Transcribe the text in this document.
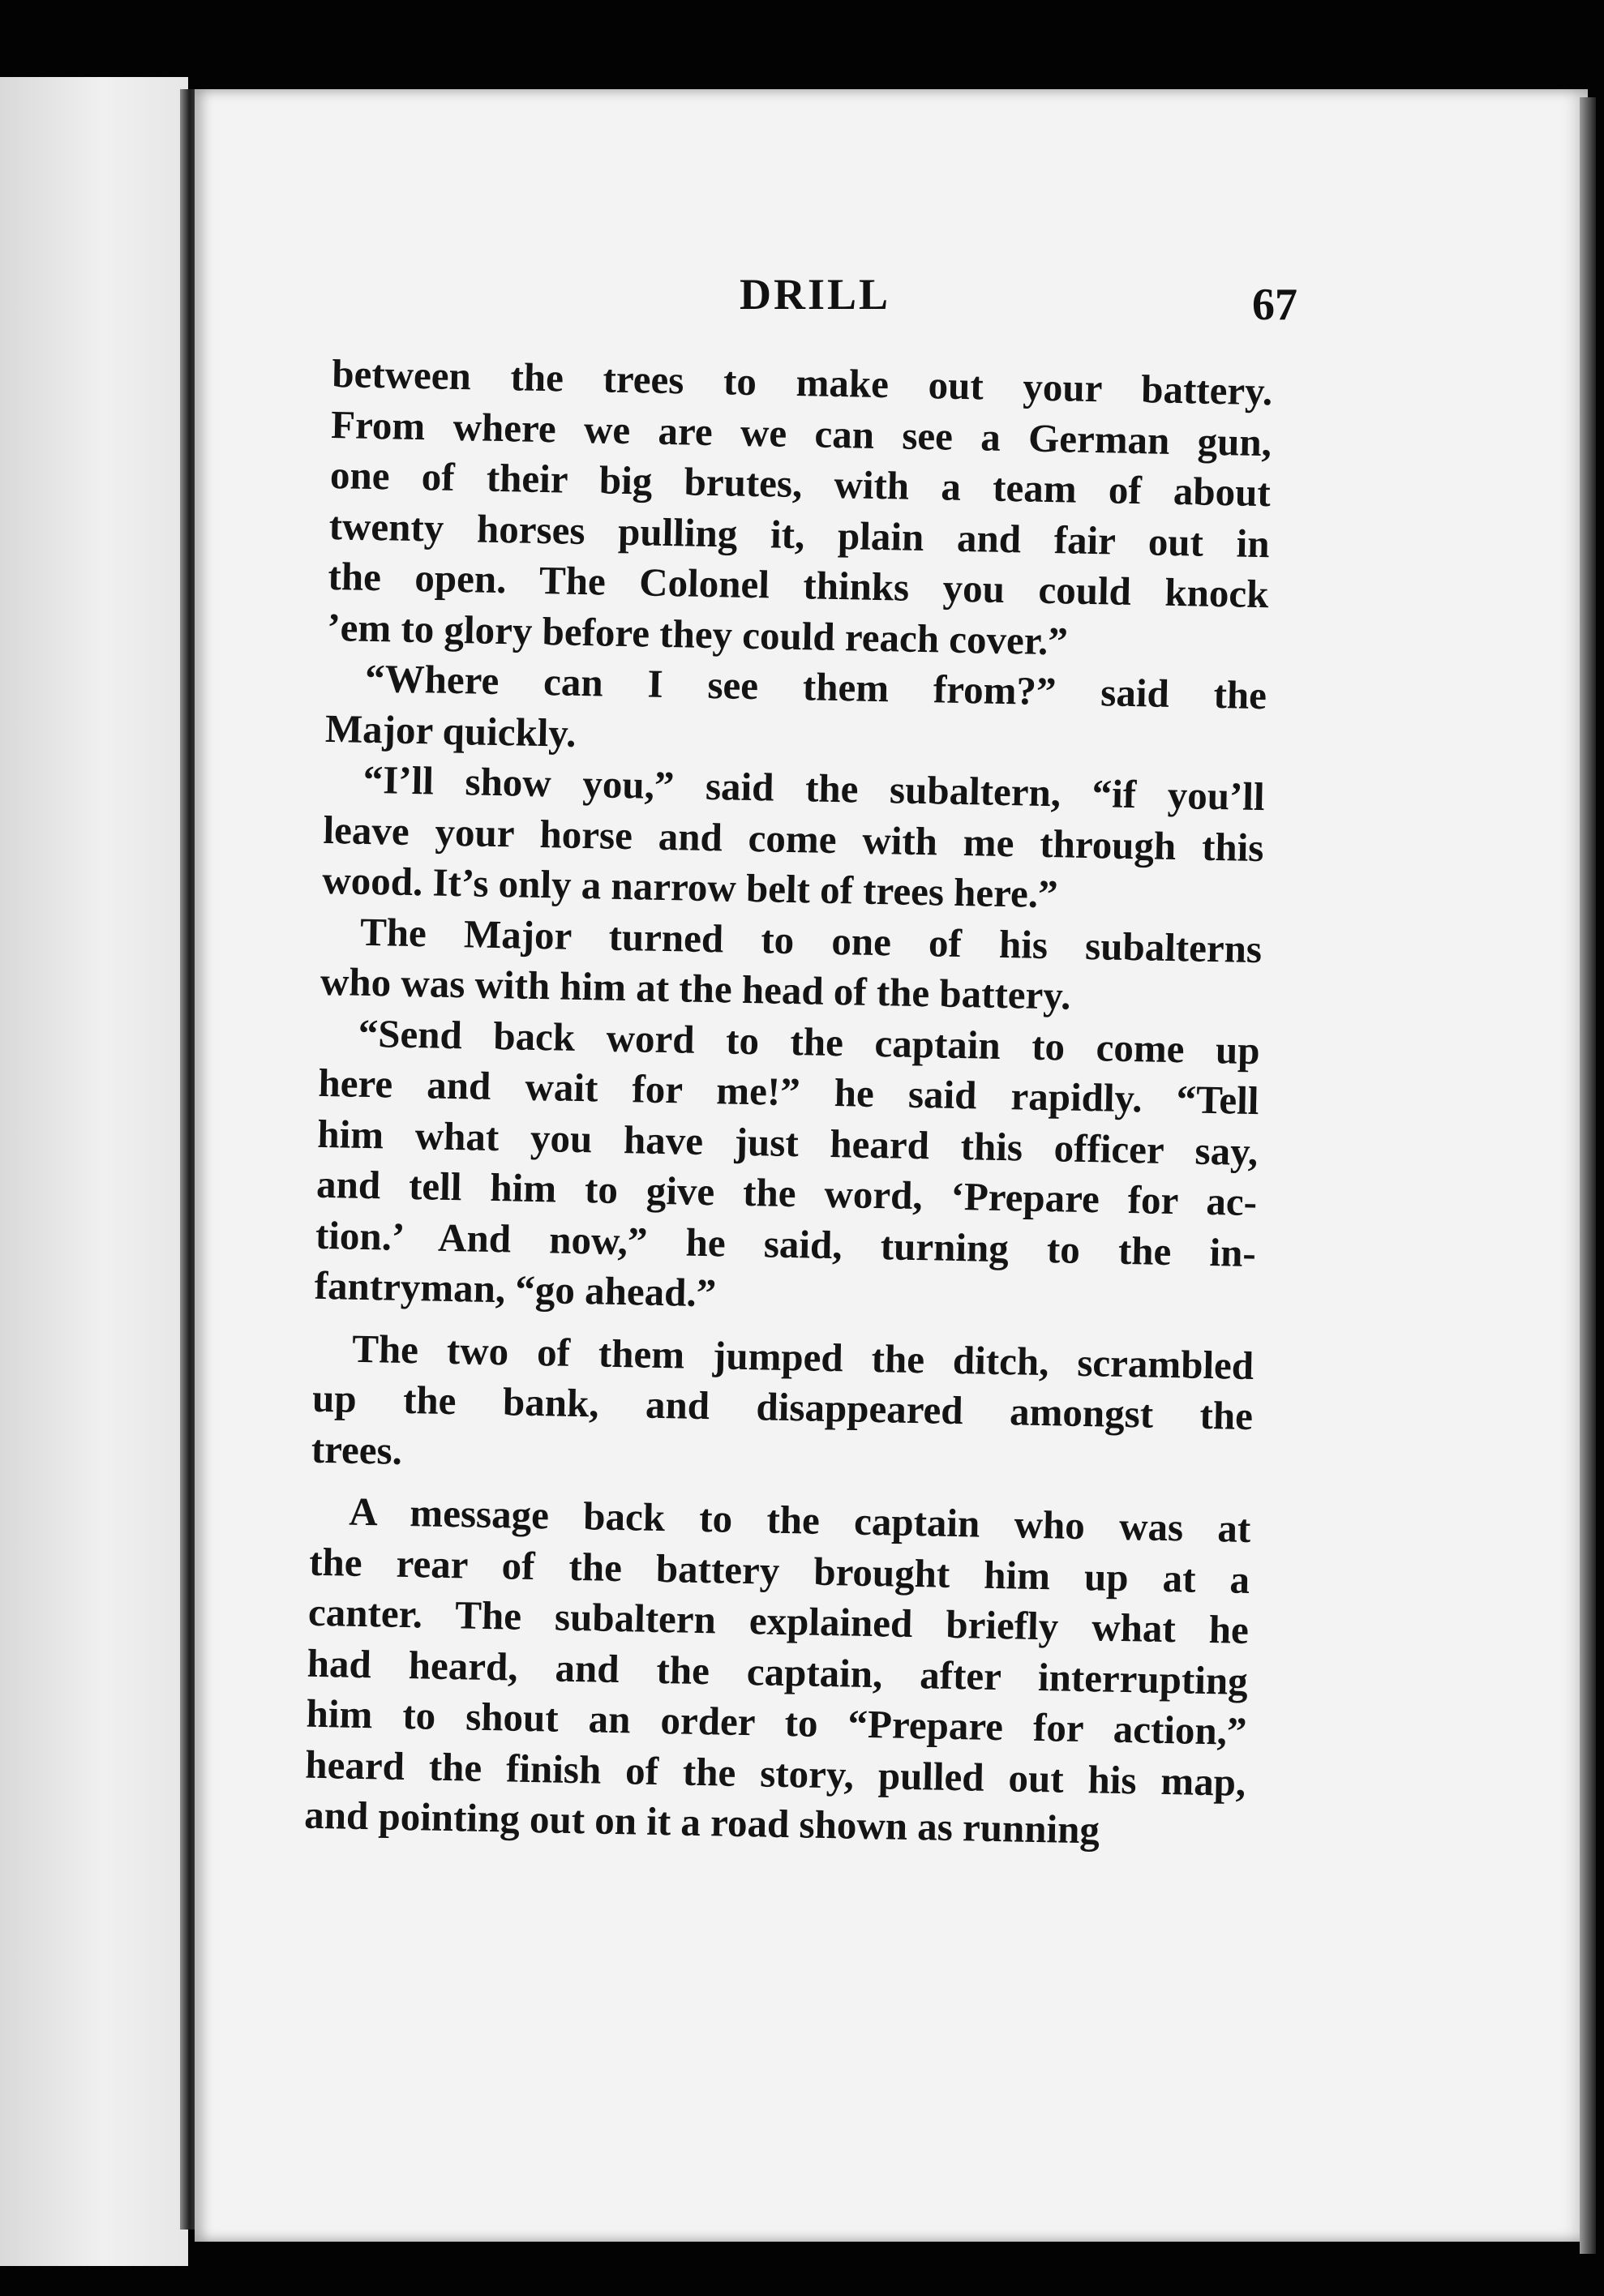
DRILL	67
between the trees to make out your battery.
From where we are we can see a German gun,
one of their big brutes, with a team of about
twenty horses pulling it, plain and fair out in
the open. The Colonel thinks you could knock
’em to glory before they could reach cover.”
“Where can I see them from?” said the
Major quickly.
“I’ll show you,” said the subaltern, “if you’ll
leave your horse and come with me through this
wood. It’s only a narrow belt of trees here.”
The Major turned to one of his subalterns
who was with him at the head of the battery.
“Send back word to the captain to come up
here and wait for me!” he said rapidly. “Tell
him what you have just heard this officer say,
and tell him to give the word, ‘Prepare for ac-
tion.’ And now,” he said, turning to the in-
fantryman, “go ahead.”
The two of them jumped the ditch, scrambled
up the bank, and disappeared amongst the
trees.
A message back to the captain who was at
the rear of the battery brought him up at a
canter. The subaltern explained briefly what he
had heard, and the captain, after interrupting
him to shout an order to “Prepare for action,”
heard the finish of the story, pulled out his map,
and pointing out on it a road shown as running
